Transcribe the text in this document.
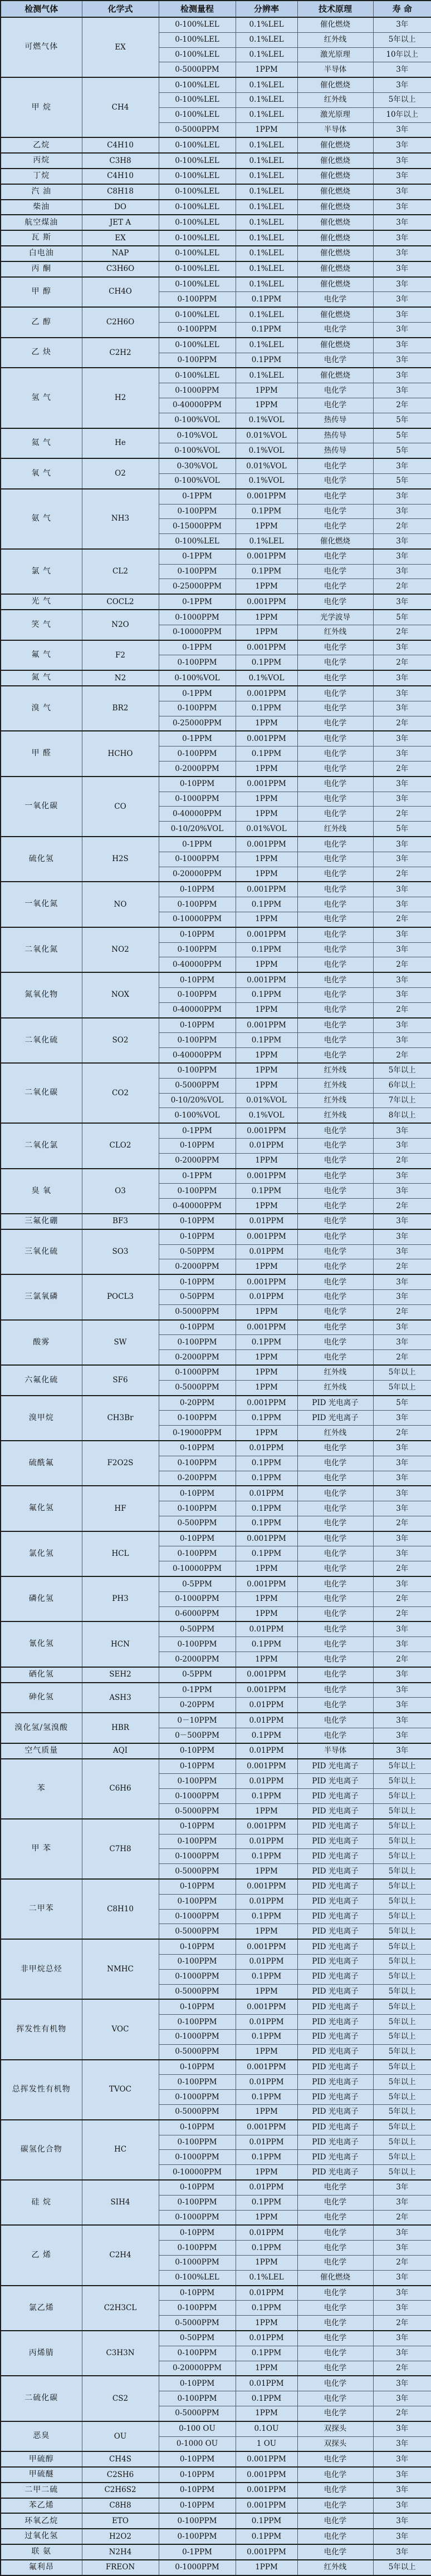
检测气体	化学式	检测量程	分辨率	技术原理	寿 命
可燃气体	EX	0-100%LEL	0.1%LEL	催化燃烧	3年
		0-100%LEL	0.1%LEL	红外线	5年以上
		0-100%LEL	0.1%LEL	激光原理	10年以上
		0-5000PPM	1PPM	半导体	3年
甲 烷	CH4	0-100%LEL	0.1%LEL	催化燃烧	3年
		0-100%LEL	0.1%LEL	红外线	5年以上
		0-100%LEL	0.1%LEL	激光原理	10年以上
		0-5000PPM	1PPM	半导体	3年
乙烷	C4H10	0-100%LEL	0.1%LEL	催化燃烧	3年
丙烷	C3H8	0-100%LEL	0.1%LEL	催化燃烧	3年
丁烷	C4H10	0-100%LEL	0.1%LEL	催化燃烧	3年
汽 油	C8H18	0-100%LEL	0.1%LEL	催化燃烧	3年
柴油	DO	0-100%LEL	0.1%LEL	催化燃烧	3年
航空煤油	JET A	0-100%LEL	0.1%LEL	催化燃烧	3年
瓦 斯	EX	0-100%LEL	0.1%LEL	催化燃烧	3年
白电油	NAP	0-100%LEL	0.1%LEL	催化燃烧	3年
丙 酮	C3H6O	0-100%LEL	0.1%LEL	催化燃烧	3年
甲 醇	CH4O	0-100%LEL	0.1%LEL	催化燃烧	3年
		0-100PPM	0.1PPM	电化学	3年
乙 醇	C2H6O	0-100%LEL	0.1%LEL	催化燃烧	3年
		0-100PPM	0.1PPM	电化学	3年
乙 炔	C2H2	0-100%LEL	0.1%LEL	催化燃烧	3年
		0-100PPM	0.1PPM	电化学	3年
氢 气	H2	0-100%LEL	0.1%LEL	催化燃烧	3年
		0-1000PPM	1PPM	电化学	3年
		0-40000PPM	1PPM	电化学	2年
		0-100%VOL	0.1%VOL	热传导	5年
氦 气	He	0-10%VOL	0.01%VOL	热传导	5年
		0-100%VOL	0.1%VOL	热传导	5年
氧 气	O2	0-30%VOL	0.01%VOL	电化学	3年
		0-100%VOL	0.1%VOL	电化学	5年
氨 气	NH3	0-1PPM	0.001PPM	电化学	3年
		0-100PPM	0.1PPM	电化学	3年
		0-15000PPM	1PPM	电化学	2年
		0-100%LEL	0.1%LEL	催化燃烧	3年
氯 气	CL2	0-1PPM	0.001PPM	电化学	3年
		0-100PPM	0.1PPM	电化学	3年
		0-25000PPM	1PPM	电化学	2年
光 气	COCL2	0-1PPM	0.001PPM	电化学	3年
笑 气	N2O	0-1000PPM	1PPM	光学波导	5年
		0-10000PPM	1PPM	红外线	2年
氟 气	F2	0-1PPM	0.001PPM	电化学	3年
		0-100PPM	0.1PPM	电化学	2年
氮 气	N2	0-100%VOL	0.1%VOL	电化学	3年
溴 气	BR2	0-1PPM	0.001PPM	电化学	3年
		0-100PPM	0.1PPM	电化学	3年
		0-25000PPM	1PPM	电化学	2年
甲 醛	HCHO	0-1PPM	0.001PPM	电化学	3年
		0-100PPM	0.1PPM	电化学	3年
		0-2000PPM	1PPM	电化学	2年
一氧化碳	CO	0-10PPM	0.001PPM	电化学	3年
		0-1000PPM	1PPM	电化学	3年
		0-40000PPM	1PPM	电化学	2年
		0-10/20%VOL	0.01%VOL	红外线	5年
硫化氢	H2S	0-1PPM	0.001PPM	电化学	3年
		0-1000PPM	1PPM	电化学	3年
		0-20000PPM	1PPM	电化学	2年
一氧化氮	NO	0-10PPM	0.001PPM	电化学	3年
		0-100PPM	0.1PPM	电化学	3年
		0-10000PPM	1PPM	电化学	2年
二氧化氮	NO2	0-10PPM	0.001PPM	电化学	3年
		0-100PPM	0.1PPM	电化学	3年
		0-40000PPM	1PPM	电化学	2年
氮氧化物	NOX	0-10PPM	0.001PPM	电化学	3年
		0-100PPM	0.1PPM	电化学	3年
		0-40000PPM	1PPM	电化学	2年
二氧化硫	SO2	0-10PPM	0.001PPM	电化学	3年
		0-100PPM	0.1PPM	电化学	3年
		0-40000PPM	1PPM	电化学	2年
二氧化碳	CO2	0-100PPM	1PPM	红外线	5年以上
		0-5000PPM	1PPM	红外线	6年以上
		0-10/20%VOL	0.01%VOL	红外线	7年以上
		0-100%VOL	0.1%VOL	红外线	8年以上
二氧化氯	CLO2	0-1PPM	0.001PPM	电化学	3年
		0-10PPM	0.01PPM	电化学	3年
		0-2000PPM	1PPM	电化学	2年
臭 氧	O3	0-1PPM	0.001PPM	电化学	3年
		0-100PPM	0.1PPM	电化学	3年
		0-40000PPM	1PPM	电化学	2年
三氟化硼	BF3	0-10PPM	0.01PPM	电化学	3年
三氧化硫	SO3	0-10PPM	0.001PPM	电化学	3年
		0-50PPM	0.01PPM	电化学	3年
		0-2000PPM	1PPM	电化学	2年
三氯氧磷	POCL3	0-10PPM	0.001PPM	电化学	3年
		0-50PPM	0.01PPM	电化学	3年
		0-5000PPM	1PPM	电化学	2年
酸雾	SW	0-10PPM	0.001PPM	电化学	3年
		0-100PPM	0.1PPM	电化学	3年
		0-2000PPM	1PPM	电化学	2年
六氟化硫	SF6	0-1000PPM	1PPM	红外线	5年以上
		0-5000PPM	1PPM	红外线	5年以上
溴甲烷	CH3Br	0-20PPM	0.001PPM	PID 光电离子	5年
		0-100PPM	0.1PPM	PID 光电离子	3年
		0-19000PPM	1PPM	红外线	2年
硫酰氟	F2O2S	0-10PPM	0.01PPM	电化学	3年
		0-100PPM	0.1PPM	电化学	3年
		0-200PPM	0.1PPM	电化学	3年
氟化氢	HF	0-10PPM	0.01PPM	电化学	3年
		0-100PPM	0.1PPM	电化学	3年
		0-500PPM	0.1PPM	电化学	2年
氯化氢	HCL	0-10PPM	0.001PPM	电化学	3年
		0-100PPM	0.1PPM	电化学	3年
		0-10000PPM	1PPM	电化学	2年
磷化氢	PH3	0-5PPM	0.001PPM	电化学	3年
		0-1000PPM	1PPM	电化学	2年
		0-6000PPM	1PPM	电化学	2年
氰化氢	HCN	0-50PPM	0.01PPM	电化学	3年
		0-100PPM	0.1PPM	电化学	3年
		0-2000PPM	1PPM	电化学	2年
硒化氢	SEH2	0-5PPM	0.001PPM	电化学	3年
砷化氢	ASH3	0-1PPM	0.001PPM	电化学	3年
		0-20PPM	0.01PPM	电化学	3年
溴化氢/氢溴酸	HBR	0－10PPM	0.01PPM	电化学	3年
		0－500PPM	0.1PPM	电化学	3年
空气质量	AQI	0-10PPM	0.01PPM	半导体	3年
苯	C6H6	0-10PPM	0.001PPM	PID 光电离子	5年以上
		0-100PPM	0.01PPM	PID 光电离子	5年以上
		0-1000PPM	0.1PPM	PID 光电离子	5年以上
		0-5000PPM	1PPM	PID 光电离子	5年以上
甲 苯	C7H8	0-10PPM	0.001PPM	PID 光电离子	5年以上
		0-100PPM	0.01PPM	PID 光电离子	5年以上
		0-1000PPM	0.1PPM	PID 光电离子	5年以上
		0-5000PPM	1PPM	PID 光电离子	5年以上
二甲苯	C8H10	0-10PPM	0.001PPM	PID 光电离子	5年以上
		0-100PPM	0.01PPM	PID 光电离子	5年以上
		0-1000PPM	0.1PPM	PID 光电离子	5年以上
		0-5000PPM	1PPM	PID 光电离子	5年以上
非甲烷总烃	NMHC	0-10PPM	0.001PPM	PID 光电离子	5年以上
		0-100PPM	0.01PPM	PID 光电离子	5年以上
		0-1000PPM	0.1PPM	PID 光电离子	5年以上
		0-5000PPM	1PPM	PID 光电离子	5年以上
挥发性有机物	VOC	0-10PPM	0.001PPM	PID 光电离子	5年以上
		0-100PPM	0.01PPM	PID 光电离子	5年以上
		0-1000PPM	0.1PPM	PID 光电离子	5年以上
		0-5000PPM	1PPM	PID 光电离子	5年以上
总挥发性有机物	TVOC	0-10PPM	0.001PPM	PID 光电离子	5年以上
		0-100PPM	0.01PPM	PID 光电离子	5年以上
		0-1000PPM	0.1PPM	PID 光电离子	5年以上
		0-5000PPM	1PPM	PID 光电离子	5年以上
碳氢化合物	HC	0-10PPM	0.001PPM	PID 光电离子	5年以上
		0-100PPM	0.01PPM	PID 光电离子	5年以上
		0-1000PPM	0.1PPM	PID 光电离子	5年以上
		0-10000PPM	1PPM	PID 光电离子	5年以上
硅 烷	SIH4	0-10PPM	0.01PPM	电化学	3年
		0-100PPM	0.1PPM	电化学	3年
		0-1000PPM	1PPM	电化学	2年
乙 烯	C2H4	0-10PPM	0.01PPM	电化学	3年
		0-100PPM	0.1PPM	电化学	3年
		0-1000PPM	1PPM	电化学	2年
		0-100%LEL	0.1%LEL	催化燃烧	3年
氯乙烯	C2H3CL	0-10PPM	0.01PPM	电化学	3年
		0-100PPM	0.1PPM	电化学	3年
		0-5000PPM	1PPM	电化学	2年
丙烯腈	C3H3N	0-50PPM	0.01PPM	电化学	3年
		0-100PPM	0.1PPM	电化学	3年
		0-20000PPM	1PPM	电化学	2年
二硫化碳	CS2	0-10PPM	0.01PPM	电化学	3年
		0-100PPM	0.1PPM	电化学	3年
		0-5000PPM	1PPM	电化学	2年
恶臭	OU	0-100 OU	0.1OU	双探头	3年
		0-1000 OU	1 OU	双探头	3年
甲硫醇	CH4S	0-10PPM	0.001PPM	电化学	3年
甲硫醚	C2SH6	0-10PPM	0.001PPM	电化学	3年
二甲二硫	C2H6S2	0-10PPM	0.001PPM	电化学	3年
苯乙烯	C8H8	0-10PPM	0.001PPM	电化学	3年
环氧乙烷	ETO	0-100PPM	0.1PPM	电化学	3年
过氧化氢	H2O2	0-100PPM	0.1PPM	电化学	3年
联 氨	N2H4	0-1PPM	0.001PPM	电化学	3年
氟利昂	FREON	0-1000PPM	1PPM	红外线	5年以上
